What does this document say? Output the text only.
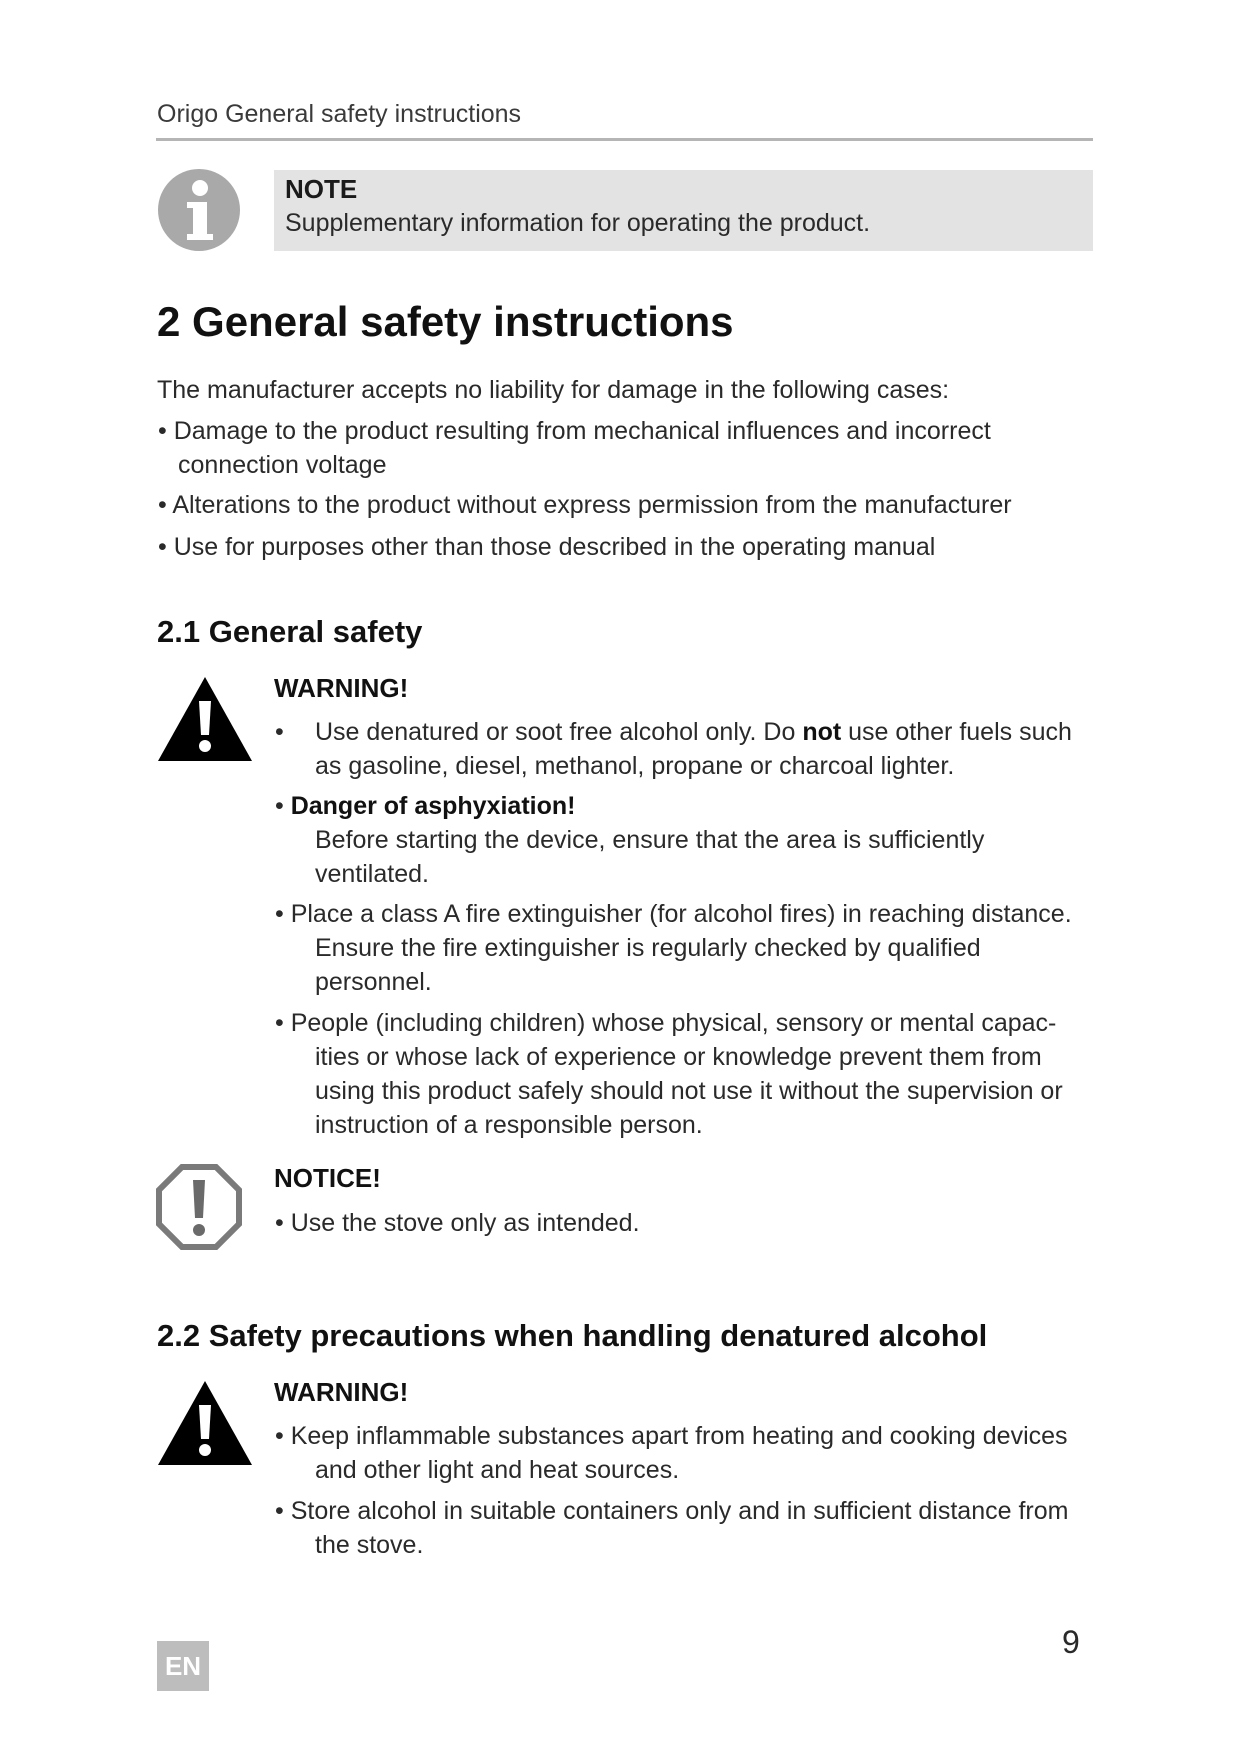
Origo General safety instructions
NOTE
Supplementary information for operating the product.
2 General safety instructions
The manufacturer accepts no liability for damage in the following cases:
• Damage to the product resulting from mechanical influences and incorrect
connection voltage
• Alterations to the product without express permission from the manufacturer
• Use for purposes other than those described in the operating manual
2.1 General safety
WARNING!
• Use denatured or soot free alcohol only. Do not use other fuels such
as gasoline, diesel, methanol, propane or charcoal lighter.
• Danger of asphyxiation!
Before starting the device, ensure that the area is sufficiently
ventilated.
• Place a class A fire extinguisher (for alcohol fires) in reaching distance.
Ensure the fire extinguisher is regularly checked by qualified
personnel.
• People (including children) whose physical, sensory or mental capac-
ities or whose lack of experience or knowledge prevent them from
using this product safely should not use it without the supervision or
instruction of a responsible person.
NOTICE!
• Use the stove only as intended.
2.2 Safety precautions when handling denatured alcohol
WARNING!
• Keep inflammable substances apart from heating and cooking devices
and other light and heat sources.
• Store alcohol in suitable containers only and in sufficient distance from
the stove.
EN
9
